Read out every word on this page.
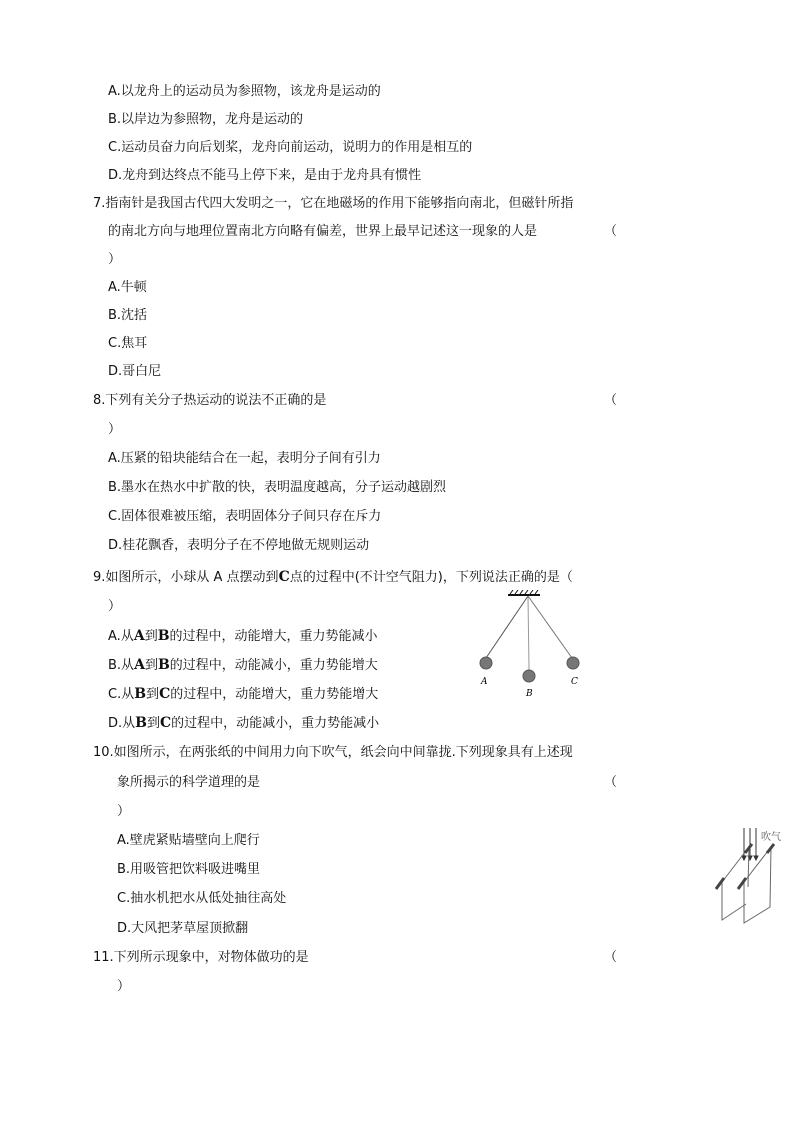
A.以龙舟上的运动员为参照物，该龙舟是运动的
B.以岸边为参照物，龙舟是运动的
C.运动员奋力向后划桨，龙舟向前运动，说明力的作用是相互的
D.龙舟到达终点不能马上停下来，是由于龙舟具有惯性
7.指南针是我国古代四大发明之一，它在地磁场的作用下能够指向南北，但磁针所指
的南北方向与地理位置南北方向略有偏差，世界上最早记述这一现象的人是	（
）
A.牛顿
B.沈括
C.焦耳
D.哥白尼
8.下列有关分子热运动的说法不正确的是	（
）
A.压紧的铅块能结合在一起，表明分子间有引力
B.墨水在热水中扩散的快，表明温度越高，分子运动越剧烈
C.固体很难被压缩，表明固体分子间只存在斥力
D.桂花飘香，表明分子在不停地做无规则运动
9.如图所示，小球从 A 点摆动到C点的过程中(不计空气阻力)，下列说法正确的是（
）
A.从A到B的过程中，动能增大，重力势能减小
B.从A到B的过程中，动能减小，重力势能增大
C.从B到C的过程中，动能增大，重力势能增大
D.从B到C的过程中，动能减小，重力势能减小
A
B
C
10.如图所示，在两张纸的中间用力向下吹气，纸会向中间靠拢.下列现象具有上述现
象所揭示的科学道理的是	（
）
A.壁虎紧贴墙壁向上爬行
B.用吸管把饮料吸进嘴里
C.抽水机把水从低处抽往高处
D.大风把茅草屋顶掀翻
吹气
11.下列所示现象中，对物体做功的是	（
）
